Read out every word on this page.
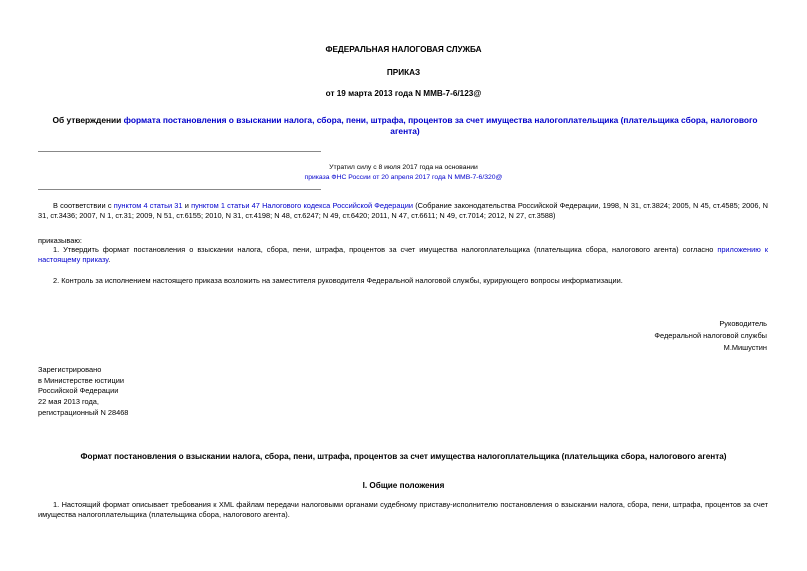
ФЕДЕРАЛЬНАЯ НАЛОГОВАЯ СЛУЖБА
ПРИКАЗ
от 19 марта 2013 года N ММВ-7-6/123@
Об утверждении формата постановления о взыскании налога, сбора, пени, штрафа, процентов за счет имущества налогоплательщика (плательщика сбора, налогового агента)
Утратил силу с 8 июля 2017 года на основании
приказа ФНС России от 20 апреля 2017 года N ММВ-7-6/320@
В соответствии с пунктом 4 статьи 31 и пунктом 1 статьи 47 Налогового кодекса Российской Федерации (Собрание законодательства Российской Федерации, 1998, N 31, ст.3824; 2005, N 45, ст.4585; 2006, N 31, ст.3436; 2007, N 1, ст.31; 2009, N 51, ст.6155; 2010, N 31, ст.4198; N 48, ст.6247; N 49, ст.6420; 2011, N 47, ст.6611; N 49, ст.7014; 2012, N 27, ст.3588)
приказываю:
1. Утвердить формат постановления о взыскании налога, сбора, пени, штрафа, процентов за счет имущества налогоплательщика (плательщика сбора, налогового агента) согласно приложению к настоящему приказу.
2. Контроль за исполнением настоящего приказа возложить на заместителя руководителя Федеральной налоговой службы, курирующего вопросы информатизации.
Руководитель
Федеральной налоговой службы
М.Мишустин
Зарегистрировано
в Министерстве юстиции
Российской Федерации
22 мая 2013 года,
регистрационный N 28468
Формат постановления о взыскании налога, сбора, пени, штрафа, процентов за счет имущества налогоплательщика (плательщика сбора, налогового агента)
I. Общие положения
1. Настоящий формат описывает требования к XML файлам передачи налоговыми органами судебному приставу-исполнителю постановления о взыскании налога, сбора, пени, штрафа, процентов за счет имущества налогоплательщика (плательщика сбора, налогового агента).
